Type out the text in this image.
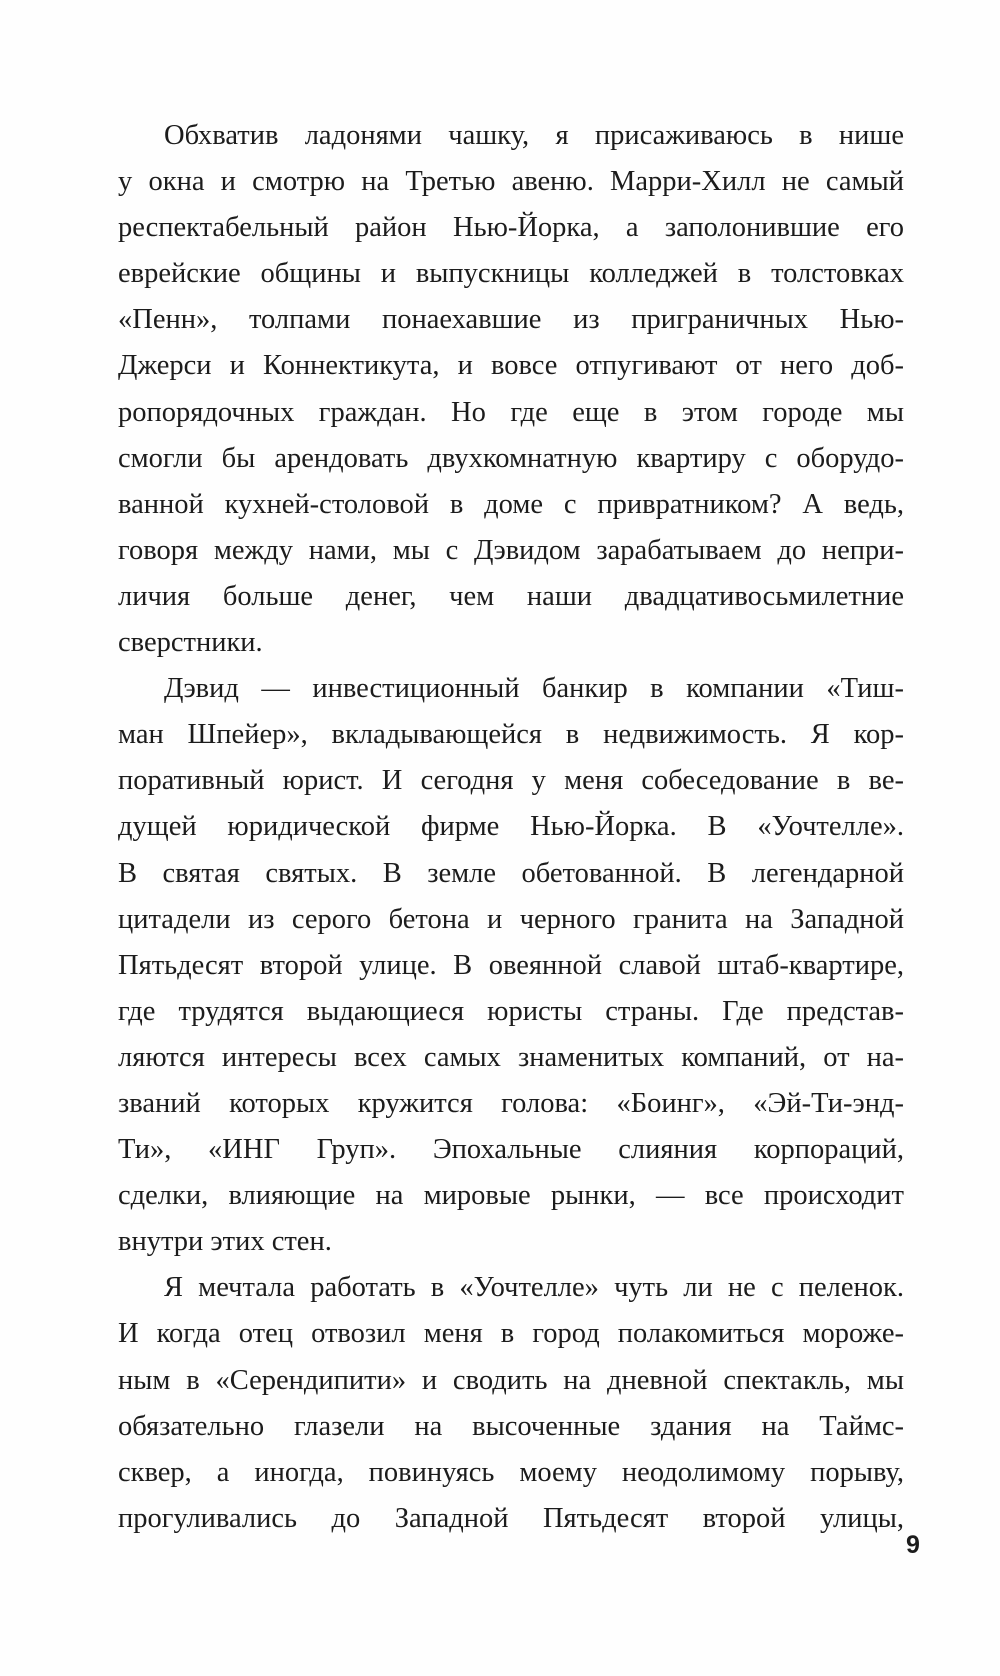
Обхватив ладонями чашку, я присаживаюсь в нише
у окна и смотрю на Третью авеню. Марри-Хилл не самый
респектабельный район Нью-Йорка, а заполонившие его
еврейские общины и выпускницы колледжей в толстовках
«Пенн», толпами понаехавшие из приграничных Нью-
Джерси и Коннектикута, и вовсе отпугивают от него доб-
ропорядочных граждан. Но где еще в этом городе мы
смогли бы арендовать двухкомнатную квартиру с оборудо-
ванной кухней-столовой в доме с привратником? А ведь,
говоря между нами, мы с Дэвидом зарабатываем до непри-
личия больше денег, чем наши двадцативосьмилетние
сверстники.

Дэвид — инвестиционный банкир в компании «Тиш-
ман Шпейер», вкладывающейся в недвижимость. Я кор-
поративный юрист. И сегодня у меня собеседование в ве-
дущей юридической фирме Нью-Йорка. В «Уочтелле».
В святая святых. В земле обетованной. В легендарной
цитадели из серого бетона и черного гранита на Западной
Пятьдесят второй улице. В овеянной славой штаб-квартире,
где трудятся выдающиеся юристы страны. Где представ-
ляются интересы всех самых знаменитых компаний, от на-
званий которых кружится голова: «Боинг», «Эй-Ти-энд-
Ти», «ИНГ Груп». Эпохальные слияния корпораций,
сделки, влияющие на мировые рынки, — все происходит
внутри этих стен.

Я мечтала работать в «Уочтелле» чуть ли не с пеленок.
И когда отец отвозил меня в город полакомиться мороже-
ным в «Серендипити» и сводить на дневной спектакль, мы
обязательно глазели на высоченные здания на Таймс-
сквер, а иногда, повинуясь моему неодолимому порыву,
прогуливались до Западной Пятьдесят второй улицы,

9
